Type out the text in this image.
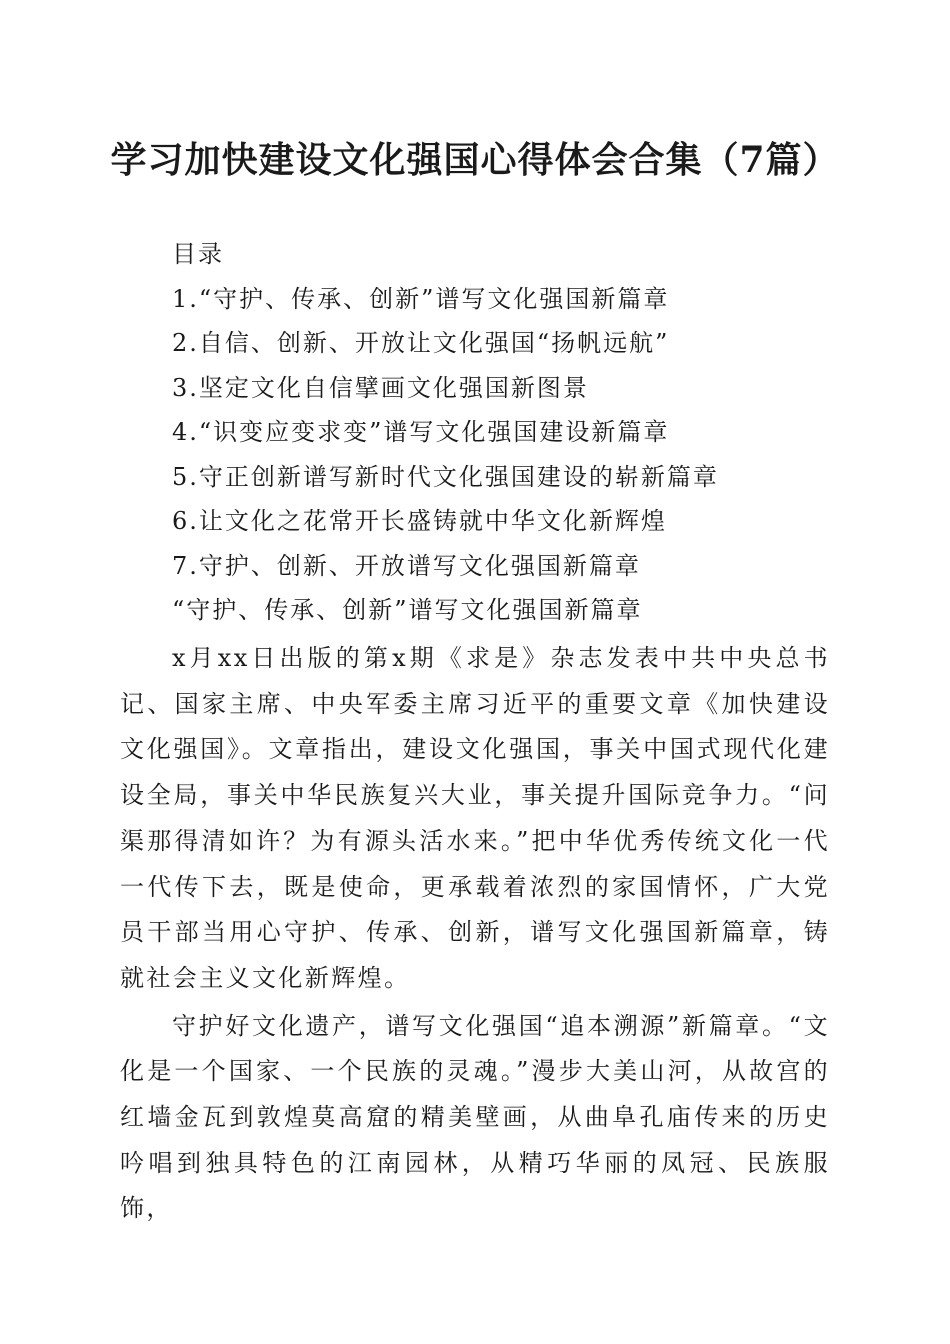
学习加快建设文化强国心得体会合集（7篇）
目录
1.“守护、传承、创新”谱写文化强国新篇章
2.自信、创新、开放让文化强国“扬帆远航”
3.坚定文化自信擘画文化强国新图景
4.“识变应变求变”谱写文化强国建设新篇章
5.守正创新谱写新时代文化强国建设的崭新篇章
6.让文化之花常开长盛铸就中华文化新辉煌
7.守护、创新、开放谱写文化强国新篇章
“守护、传承、创新”谱写文化强国新篇章

x月xx日出版的第x期《求是》杂志发表中共中央总书记、国家主席、中央军委主席习近平的重要文章《加快建设文化强国》。文章指出，建设文化强国，事关中国式现代化建设全局，事关中华民族复兴大业，事关提升国际竞争力。“问渠那得清如许？为有源头活水来。”把中华优秀传统文化一代一代传下去，既是使命，更承载着浓烈的家国情怀，广大党员干部当用心守护、传承、创新，谱写文化强国新篇章，铸就社会主义文化新辉煌。

守护好文化遗产，谱写文化强国“追本溯源”新篇章。“文化是一个国家、一个民族的灵魂。”漫步大美山河，从故宫的红墙金瓦到敦煌莫高窟的精美壁画，从曲阜孔庙传来的历史吟唱到独具特色的江南园林，从精巧华丽的凤冠、民族服饰，
